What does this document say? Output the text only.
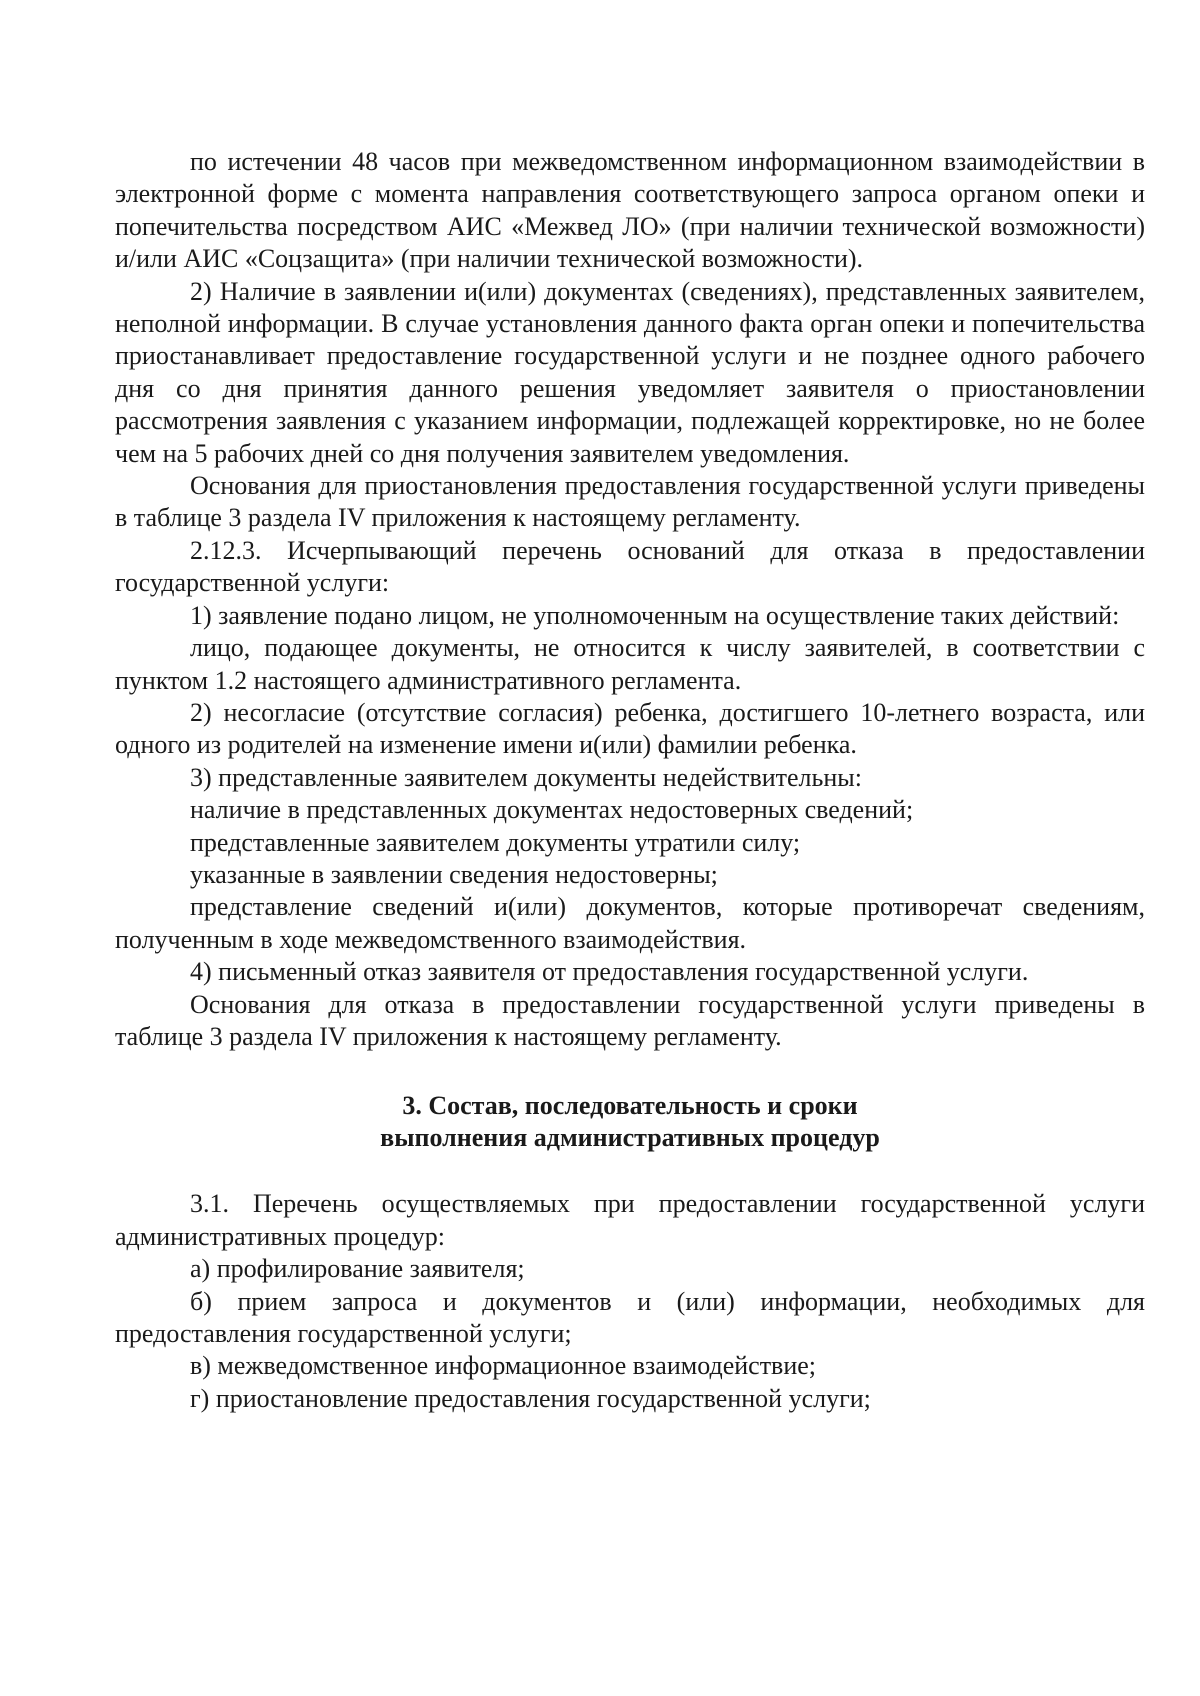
по истечении 48 часов при межведомственном информационном взаимодействии в электронной форме с момента направления соответствующего запроса органом опеки и попечительства посредством АИС «Межвед ЛО» (при наличии технической возможности) и/или АИС «Соцзащита» (при наличии технической возможности).

2) Наличие в заявлении и(или) документах (сведениях), представленных заявителем, неполной информации. В случае установления данного факта орган опеки и попечительства приостанавливает предоставление государственной услуги и не позднее одного рабочего дня со дня принятия данного решения уведомляет заявителя о приостановлении рассмотрения заявления с указанием информации, подлежащей корректировке, но не более чем на 5 рабочих дней со дня получения заявителем уведомления.

Основания для приостановления предоставления государственной услуги приведены в таблице 3 раздела IV приложения к настоящему регламенту.

2.12.3. Исчерпывающий перечень оснований для отказа в предоставлении государственной услуги:

1) заявление подано лицом, не уполномоченным на осуществление таких действий:

лицо, подающее документы, не относится к числу заявителей, в соответствии с пунктом 1.2 настоящего административного регламента.

2) несогласие (отсутствие согласия) ребенка, достигшего 10-летнего возраста, или одного из родителей на изменение имени и(или) фамилии ребенка.

3) представленные заявителем документы недействительны:

наличие в представленных документах недостоверных сведений;

представленные заявителем документы утратили силу;

указанные в заявлении сведения недостоверны;

представление сведений и(или) документов, которые противоречат сведениям, полученным в ходе межведомственного взаимодействия.

4) письменный отказ заявителя от предоставления государственной услуги.

Основания для отказа в предоставлении государственной услуги приведены в таблице 3 раздела IV приложения к настоящему регламенту.

3. Состав, последовательность и сроки
выполнения административных процедур

3.1. Перечень осуществляемых при предоставлении государственной услуги административных процедур:

а) профилирование заявителя;

б) прием запроса и документов и (или) информации, необходимых для предоставления государственной услуги;

в) межведомственное информационное взаимодействие;

г) приостановление предоставления государственной услуги;
